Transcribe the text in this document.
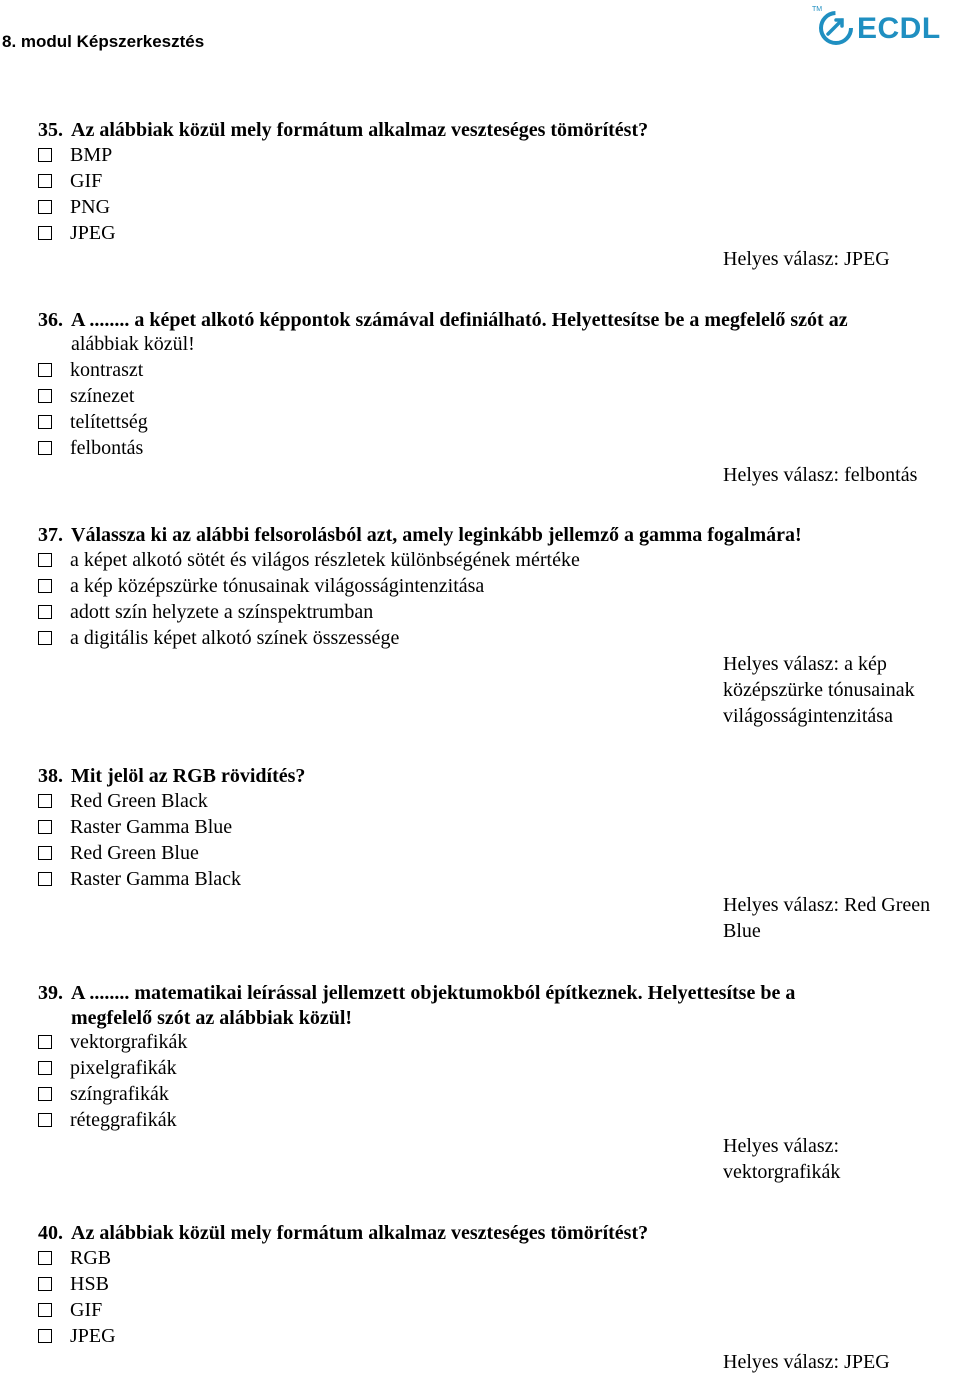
8. modul Képszerkesztés
TM
ECDL
35. Az alábbiak közül mely formátum alkalmaz veszteséges tömörítést?
BMP
GIF
PNG
JPEG
Helyes válasz: JPEG
36. A ........ a képet alkotó képpontok számával definiálható. Helyettesítse be a megfelelő szót az
alábbiak közül!
kontraszt
színezet
telítettség
felbontás
Helyes válasz: felbontás
37. Válassza ki az alábbi felsorolásból azt, amely leginkább jellemző a gamma fogalmára!
a képet alkotó sötét és világos részletek különbségének mértéke
a kép középszürke tónusainak világosságintenzitása
adott szín helyzete a színspektrumban
a digitális képet alkotó színek összessége
Helyes válasz: a kép középszürke tónusainak világosságintenzitása
38. Mit jelöl az RGB rövidítés?
Red Green Black
Raster Gamma Blue
Red Green Blue
Raster Gamma Black
Helyes válasz: Red Green Blue
39. A ........ matematikai leírással jellemzett objektumokból építkeznek. Helyettesítse be a
megfelelő szót az alábbiak közül!
vektorgrafikák
pixelgrafikák
színgrafikák
réteggrafikák
Helyes válasz: vektorgrafikák
40. Az alábbiak közül mely formátum alkalmaz veszteséges tömörítést?
RGB
HSB
GIF
JPEG
Helyes válasz: JPEG
